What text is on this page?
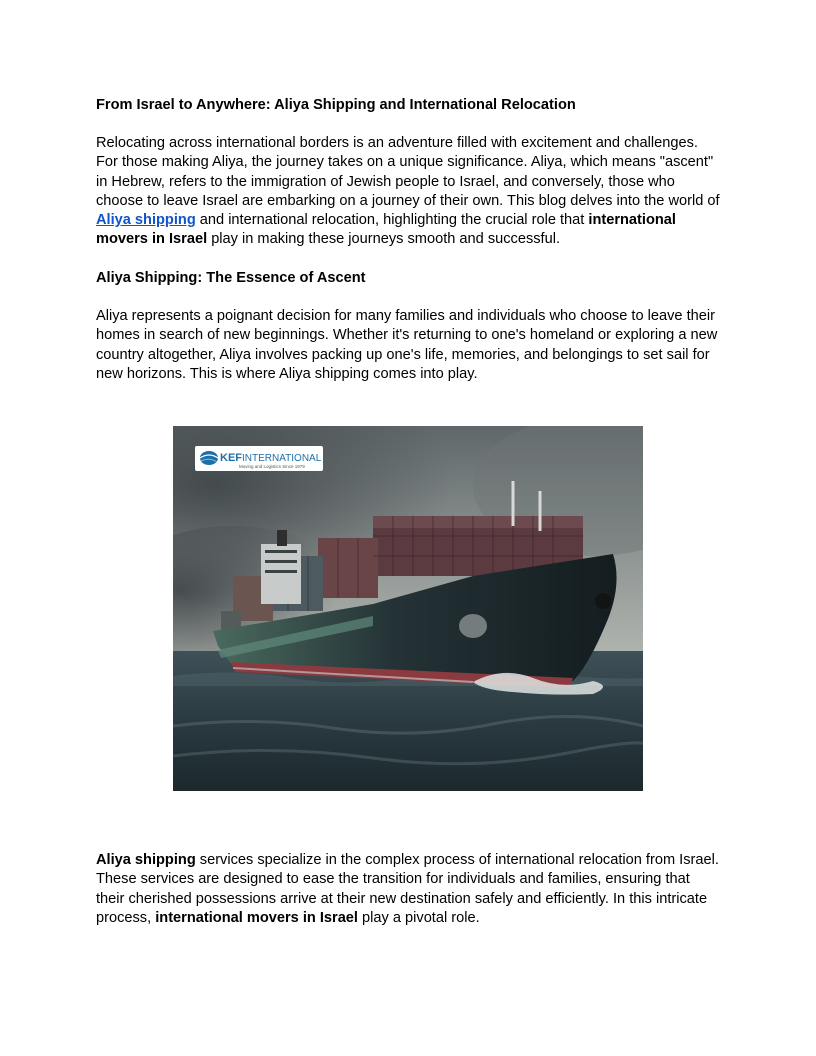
From Israel to Anywhere: Aliya Shipping and International Relocation

Relocating across international borders is an adventure filled with excitement and challenges. For those making Aliya, the journey takes on a unique significance. Aliya, which means "ascent" in Hebrew, refers to the immigration of Jewish people to Israel, and conversely, those who choose to leave Israel are embarking on a journey of their own. This blog delves into the world of Aliya shipping and international relocation, highlighting the crucial role that international movers in Israel play in making these journeys smooth and successful.

Aliya Shipping: The Essence of Ascent

Aliya represents a poignant decision for many families and individuals who choose to leave their homes in search of new beginnings. Whether it's returning to one's homeland or exploring a new country altogether, Aliya involves packing up one's life, memories, and belongings to set sail for new horizons. This is where Aliya shipping comes into play.

KEFINTERNATIONAL
Moving and Logistics Since 1979

Aliya shipping services specialize in the complex process of international relocation from Israel. These services are designed to ease the transition for individuals and families, ensuring that their cherished possessions arrive at their new destination safely and efficiently. In this intricate process, international movers in Israel play a pivotal role.
